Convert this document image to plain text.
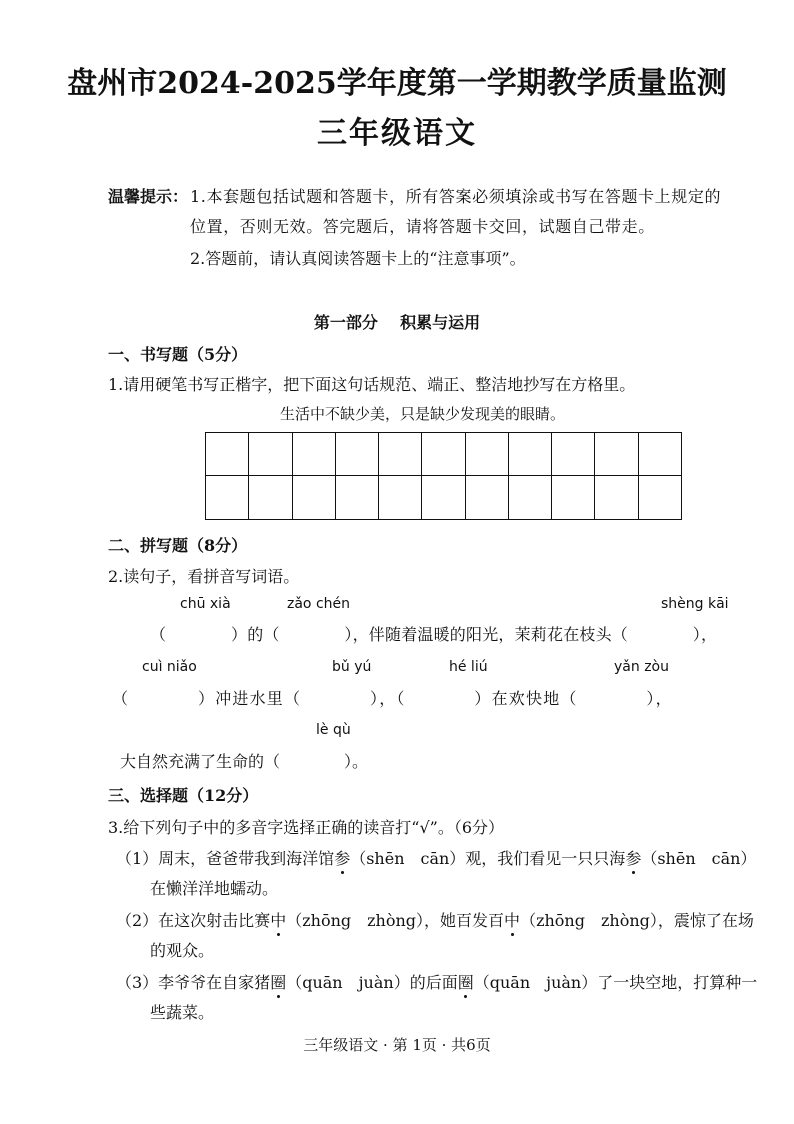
盘州市2024-2025学年度第一学期教学质量监测
三年级语文
温馨提示： 1.本套题包括试题和答题卡，所有答案必须填涂或书写在答题卡上规定的
位置，否则无效。答完题后，请将答题卡交回，试题自己带走。
2.答题前，请认真阅读答题卡上的“注意事项”。
第一部分    积累与运用
一、书写题（5分）
1.请用硬笔书写正楷字，把下面这句话规范、端正、整洁地抄写在方格里。
生活中不缺少美，只是缺少发现美的眼睛。
二、拼写题（8分）
2.读句子，看拼音写词语。
chū xià	zǎo chén	shèng kāi
（　　　　）的（　　　　），伴随着温暖的阳光，茉莉花在枝头（　　　　），
cuì niǎo	bǔ yú	hé liú	yǎn zòu
（　　　　）冲进水里（　　　　），（　　　　）在欢快地（　　　　），
lè qù
大自然充满了生命的（　　　　）。
三、选择题（12分）
3.给下列句子中的多音字选择正确的读音打“√”。（6分）
（1）周末，爸爸带我到海洋馆参（shēn　cān）观，我们看见一只只海参（shēn　cān）
在懒洋洋地蠕动。
（2）在这次射击比赛中（zhōng　zhòng），她百发百中（zhōng　zhòng），震惊了在场
的观众。
（3）李爷爷在自家猪圈（quān　juàn）的后面圈（quān　juàn）了一块空地，打算种一
些蔬菜。
三年级语文 · 第 1页 · 共6页
